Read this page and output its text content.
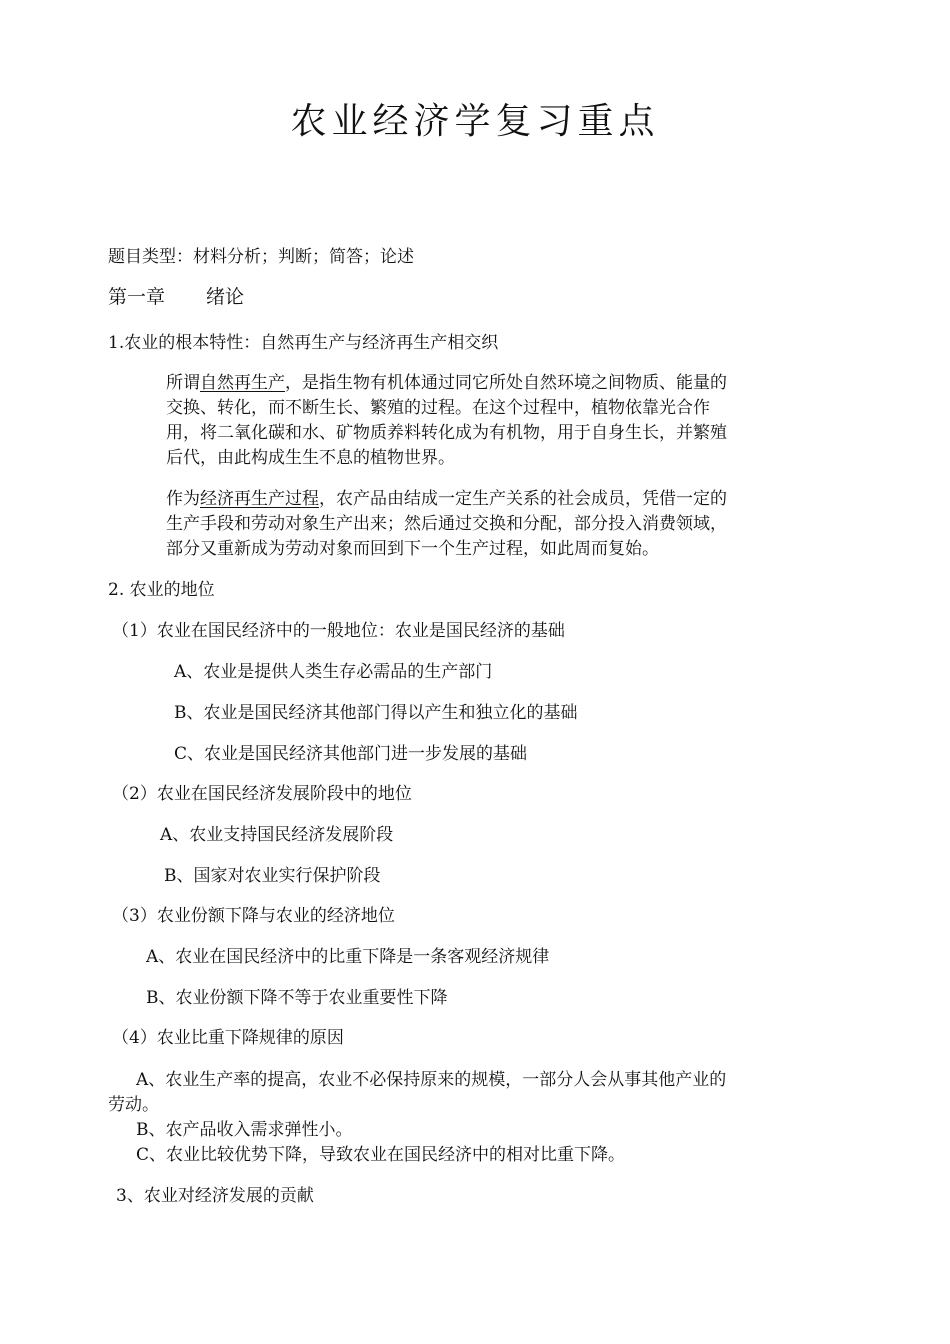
农业经济学复习重点
题目类型：材料分析；判断；简答；论述
第一章 绪论
1.农业的根本特性：自然再生产与经济再生产相交织
所谓自然再生产，是指生物有机体通过同它所处自然环境之间物质、能量的
交换、转化，而不断生长、繁殖的过程。在这个过程中，植物依靠光合作
用，将二氧化碳和水、矿物质养料转化成为有机物，用于自身生长，并繁殖
后代，由此构成生生不息的植物世界。
作为经济再生产过程，农产品由结成一定生产关系的社会成员，凭借一定的
生产手段和劳动对象生产出来；然后通过交换和分配，部分投入消费领域，
部分又重新成为劳动对象而回到下一个生产过程，如此周而复始。
2. 农业的地位
（1）农业在国民经济中的一般地位：农业是国民经济的基础
A、农业是提供人类生存必需品的生产部门
B、农业是国民经济其他部门得以产生和独立化的基础
C、农业是国民经济其他部门进一步发展的基础
（2）农业在国民经济发展阶段中的地位
A、农业支持国民经济发展阶段
B、国家对农业实行保护阶段
（3）农业份额下降与农业的经济地位
A、农业在国民经济中的比重下降是一条客观经济规律
B、农业份额下降不等于农业重要性下降
（4）农业比重下降规律的原因
A、农业生产率的提高，农业不必保持原来的规模，一部分人会从事其他产业的
劳动。
B、农产品收入需求弹性小。
C、农业比较优势下降，导致农业在国民经济中的相对比重下降。
3、农业对经济发展的贡献
